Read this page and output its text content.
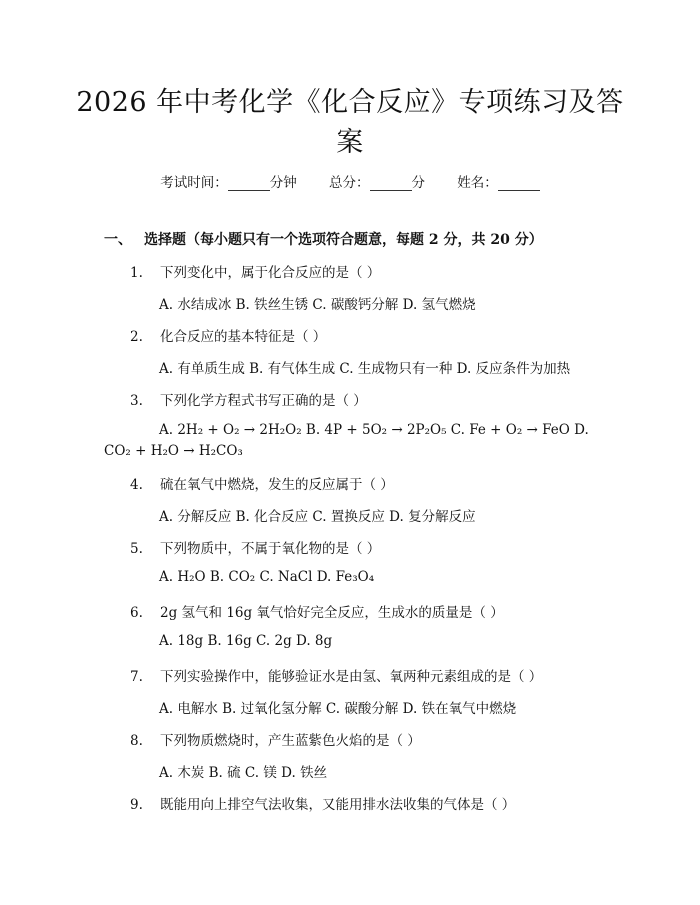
2026 年中考化学《化合反应》专项练习及答
案
考试时间：	分钟 总分：	分 姓名：
一、 选择题（每小题只有一个选项符合题意，每题 2 分，共 20 分）
1. 下列变化中，属于化合反应的是（ ）
A. 水结成冰 B. 铁丝生锈 C. 碳酸钙分解 D. 氢气燃烧
2. 化合反应的基本特征是（ ）
A. 有单质生成 B. 有气体生成 C. 生成物只有一种 D. 反应条件为加热
3. 下列化学方程式书写正确的是（ ）
A. 2H₂ + O₂ → 2H₂O₂ B. 4P + 5O₂ → 2P₂O₅ C. Fe + O₂ → FeO D. CO₂ + H₂O → H₂CO₃
4. 硫在氧气中燃烧，发生的反应属于（ ）
A. 分解反应 B. 化合反应 C. 置换反应 D. 复分解反应
5. 下列物质中，不属于氧化物的是（ ）
A. H₂O B. CO₂ C. NaCl D. Fe₃O₄
6. 2g 氢气和 16g 氧气恰好完全反应，生成水的质量是（ ）
A. 18g B. 16g C. 2g D. 8g
7. 下列实验操作中，能够验证水是由氢、氧两种元素组成的是（ ）
A. 电解水 B. 过氧化氢分解 C. 碳酸分解 D. 铁在氧气中燃烧
8. 下列物质燃烧时，产生蓝紫色火焰的是（ ）
A. 木炭 B. 硫 C. 镁 D. 铁丝
9. 既能用向上排空气法收集，又能用排水法收集的气体是（ ）
